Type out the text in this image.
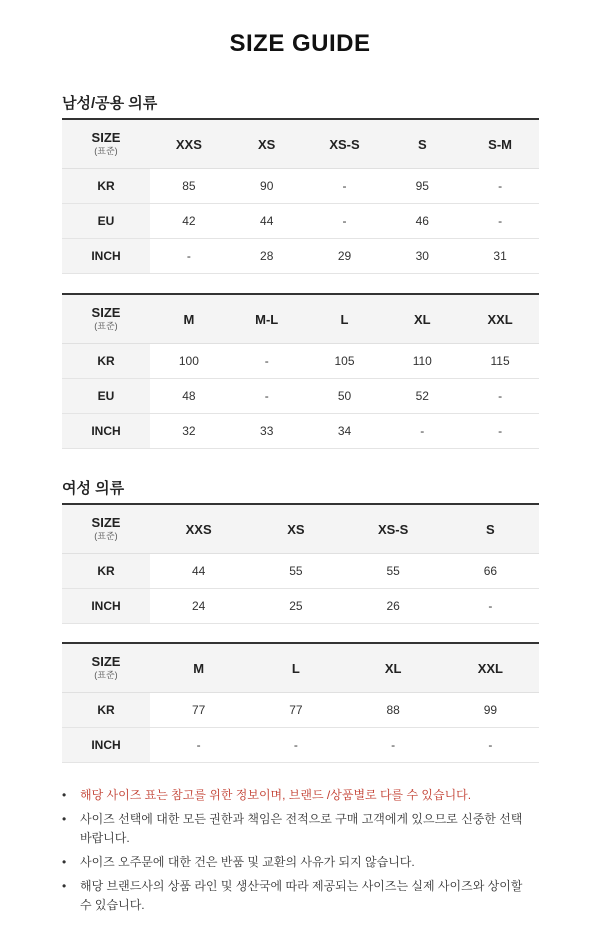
SIZE GUIDE
남성/공용 의류
SIZE
(표준)	XXS	XS	XS-S	S	S-M
KR	85	90	-	95	-
EU	42	44	-	46	-
INCH	-	28	29	30	31
SIZE
(표준)	M	M-L	L	XL	XXL
KR	100	-	105	110	115
EU	48	-	50	52	-
INCH	32	33	34	-	-
여성 의류
SIZE
(표준)	XXS	XS	XS-S	S
KR	44	55	55	66
INCH	24	25	26	-
SIZE
(표준)	M	L	XL	XXL
KR	77	77	88	99
INCH	-	-	-	-
• 해당 사이즈 표는 참고를 위한 정보이며, 브랜드 /상품별로 다를 수 있습니다.
• 사이즈 선택에 대한 모든 권한과 책임은 전적으로 구매 고객에게 있으므로 신중한 선택 바랍니다.
• 사이즈 오주문에 대한 건은 반품 및 교환의 사유가 되지 않습니다.
• 해당 브랜드사의 상품 라인 및 생산국에 따라 제공되는 사이즈는 실제 사이즈와 상이할 수 있습니다.
